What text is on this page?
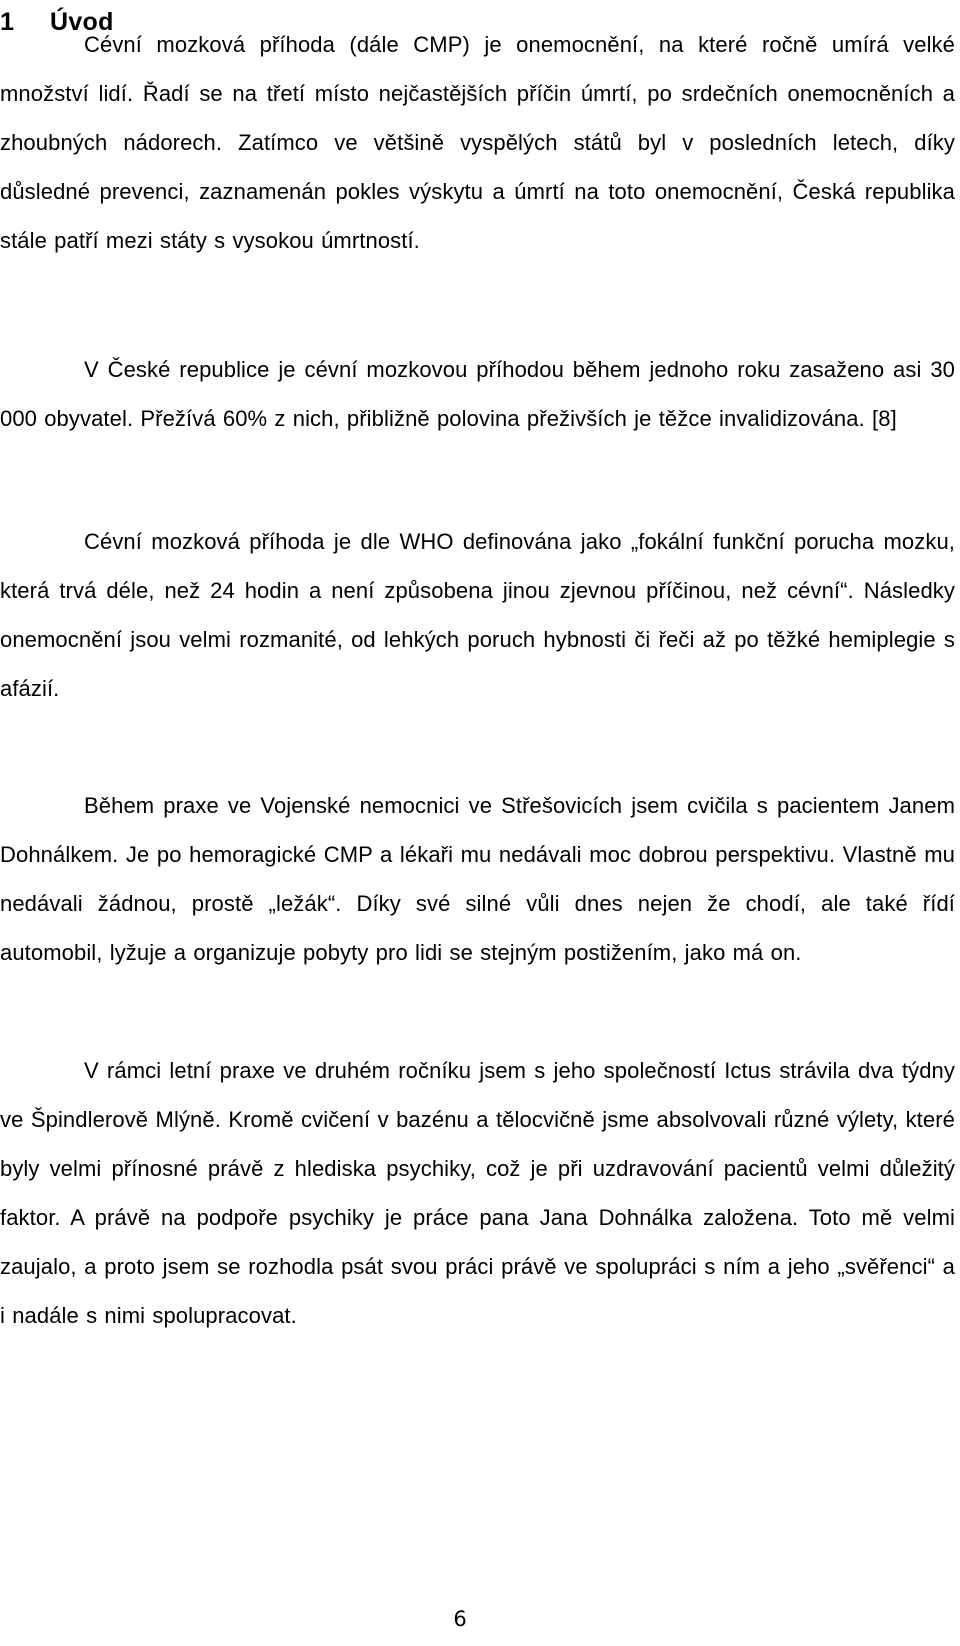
1 Úvod

Cévní mozková příhoda (dále CMP) je onemocnění, na které ročně umírá velké množství lidí. Řadí se na třetí místo nejčastějších příčin úmrtí, po srdečních onemocněních a zhoubných nádorech. Zatímco ve většině vyspělých států byl v posledních letech, díky důsledné prevenci, zaznamenán pokles výskytu a úmrtí na toto onemocnění, Česká republika stále patří mezi státy s vysokou úmrtností.

V České republice je cévní mozkovou příhodou během jednoho roku zasaženo asi 30 000 obyvatel. Přežívá 60% z nich, přibližně polovina přeživších je těžce invalidizována. [8]

Cévní mozková příhoda je dle WHO definována jako „fokální funkční porucha mozku, která trvá déle, než 24 hodin a není způsobena jinou zjevnou příčinou, než cévní“. Následky onemocnění jsou velmi rozmanité, od lehkých poruch hybnosti či řeči až po těžké hemiplegie s afázií.

Během praxe ve Vojenské nemocnici ve Střešovicích jsem cvičila s pacientem Janem Dohnálkem. Je po hemoragické CMP a lékaři mu nedávali moc dobrou perspektivu. Vlastně mu nedávali žádnou, prostě „ležák“. Díky své silné vůli dnes nejen že chodí, ale také řídí automobil, lyžuje a organizuje pobyty pro lidi se stejným postižením, jako má on.

V rámci letní praxe ve druhém ročníku jsem s jeho společností Ictus strávila dva týdny ve Špindlerově Mlýně. Kromě cvičení v bazénu a tělocvičně jsme absolvovali různé výlety, které byly velmi přínosné právě z hlediska psychiky, což je při uzdravování pacientů velmi důležitý faktor. A právě na podpoře psychiky je práce pana Jana Dohnálka založena. Toto mě velmi zaujalo, a proto jsem se rozhodla psát svou práci právě ve spolupráci s ním a jeho „svěřenci“ a i nadále s nimi spolupracovat.

6
